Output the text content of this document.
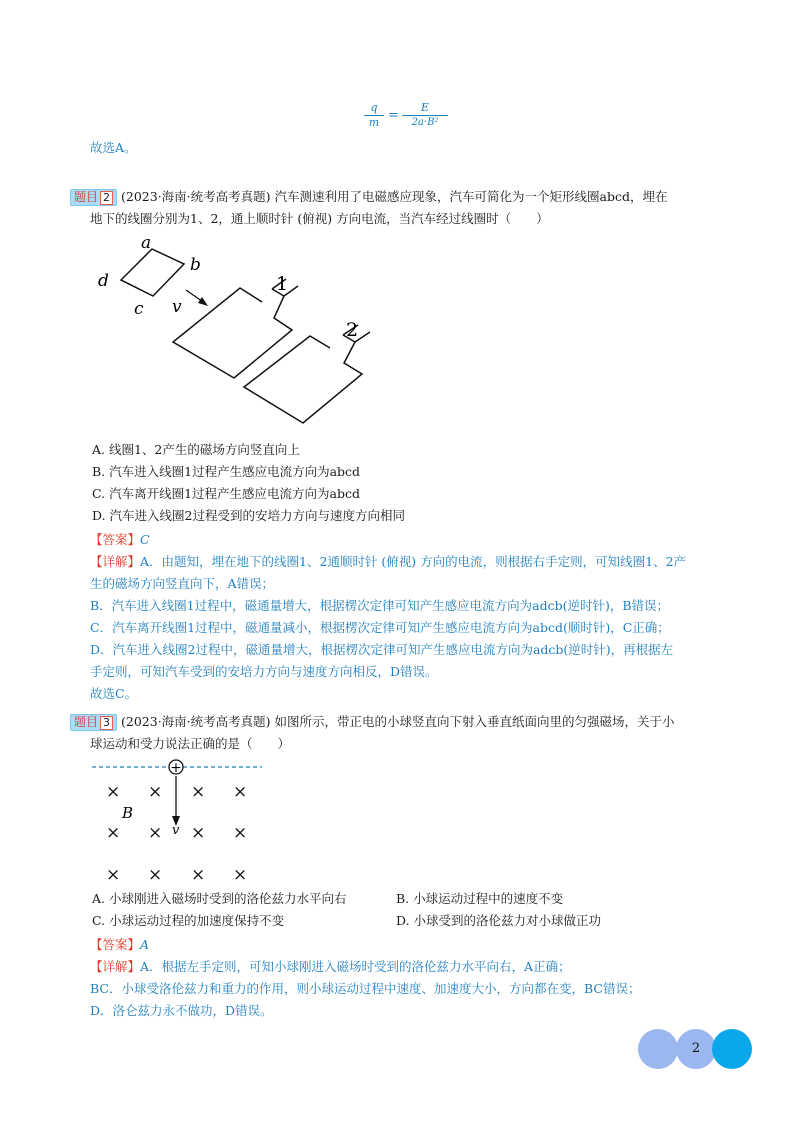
$\frac{q}{m} = \frac{E}{\text{2a·B²}}$
故选A。
题目 2 (2023·海南·统考高考真题) 汽车测速利用了电磁感应现象，汽车可简化为一个矩形线圈abcd，埋在
地下的线圈分别为1、2，通上顺时针 (俯视) 方向电流，当汽车经过线圈时（　　）
a
b
c
d
v
1
2
A. 线圈1、2产生的磁场方向竖直向上
B. 汽车进入线圈1过程产生感应电流方向为abcd
C. 汽车离开线圈1过程产生感应电流方向为abcd
D. 汽车进入线圈2过程受到的安培力方向与速度方向相同
【答案】C
【详解】A．由题知，埋在地下的线圈1、2通顺时针 (俯视) 方向的电流，则根据右手定则，可知线圈1、2产
生的磁场方向竖直向下，A错误；
B．汽车进入线圈1过程中，磁通量增大，根据楞次定律可知产生感应电流方向为adcb(逆时针)，B错误；
C．汽车离开线圈1过程中，磁通量减小，根据楞次定律可知产生感应电流方向为abcd(顺时针)，C正确；
D．汽车进入线圈2过程中，磁通量增大，根据楞次定律可知产生感应电流方向为adcb(逆时针)，再根据左
手定则，可知汽车受到的安培力方向与速度方向相反，D错误。
故选C。
题目 3 (2023·海南·统考高考真题) 如图所示，带正电的小球竖直向下射入垂直纸面向里的匀强磁场，关于小
球运动和受力说法正确的是（　　）
+
v
B
× × × ×
× × × ×
× × × ×
A. 小球刚进入磁场时受到的洛伦兹力水平向右	B. 小球运动过程中的速度不变
C. 小球运动过程的加速度保持不变	D. 小球受到的洛伦兹力对小球做正功
【答案】A
【详解】A．根据左手定则，可知小球刚进入磁场时受到的洛伦兹力水平向右，A正确；
BC．小球受洛伦兹力和重力的作用，则小球运动过程中速度、加速度大小，方向都在变，BC错误；
D．洛仑兹力永不做功，D错误。
2
